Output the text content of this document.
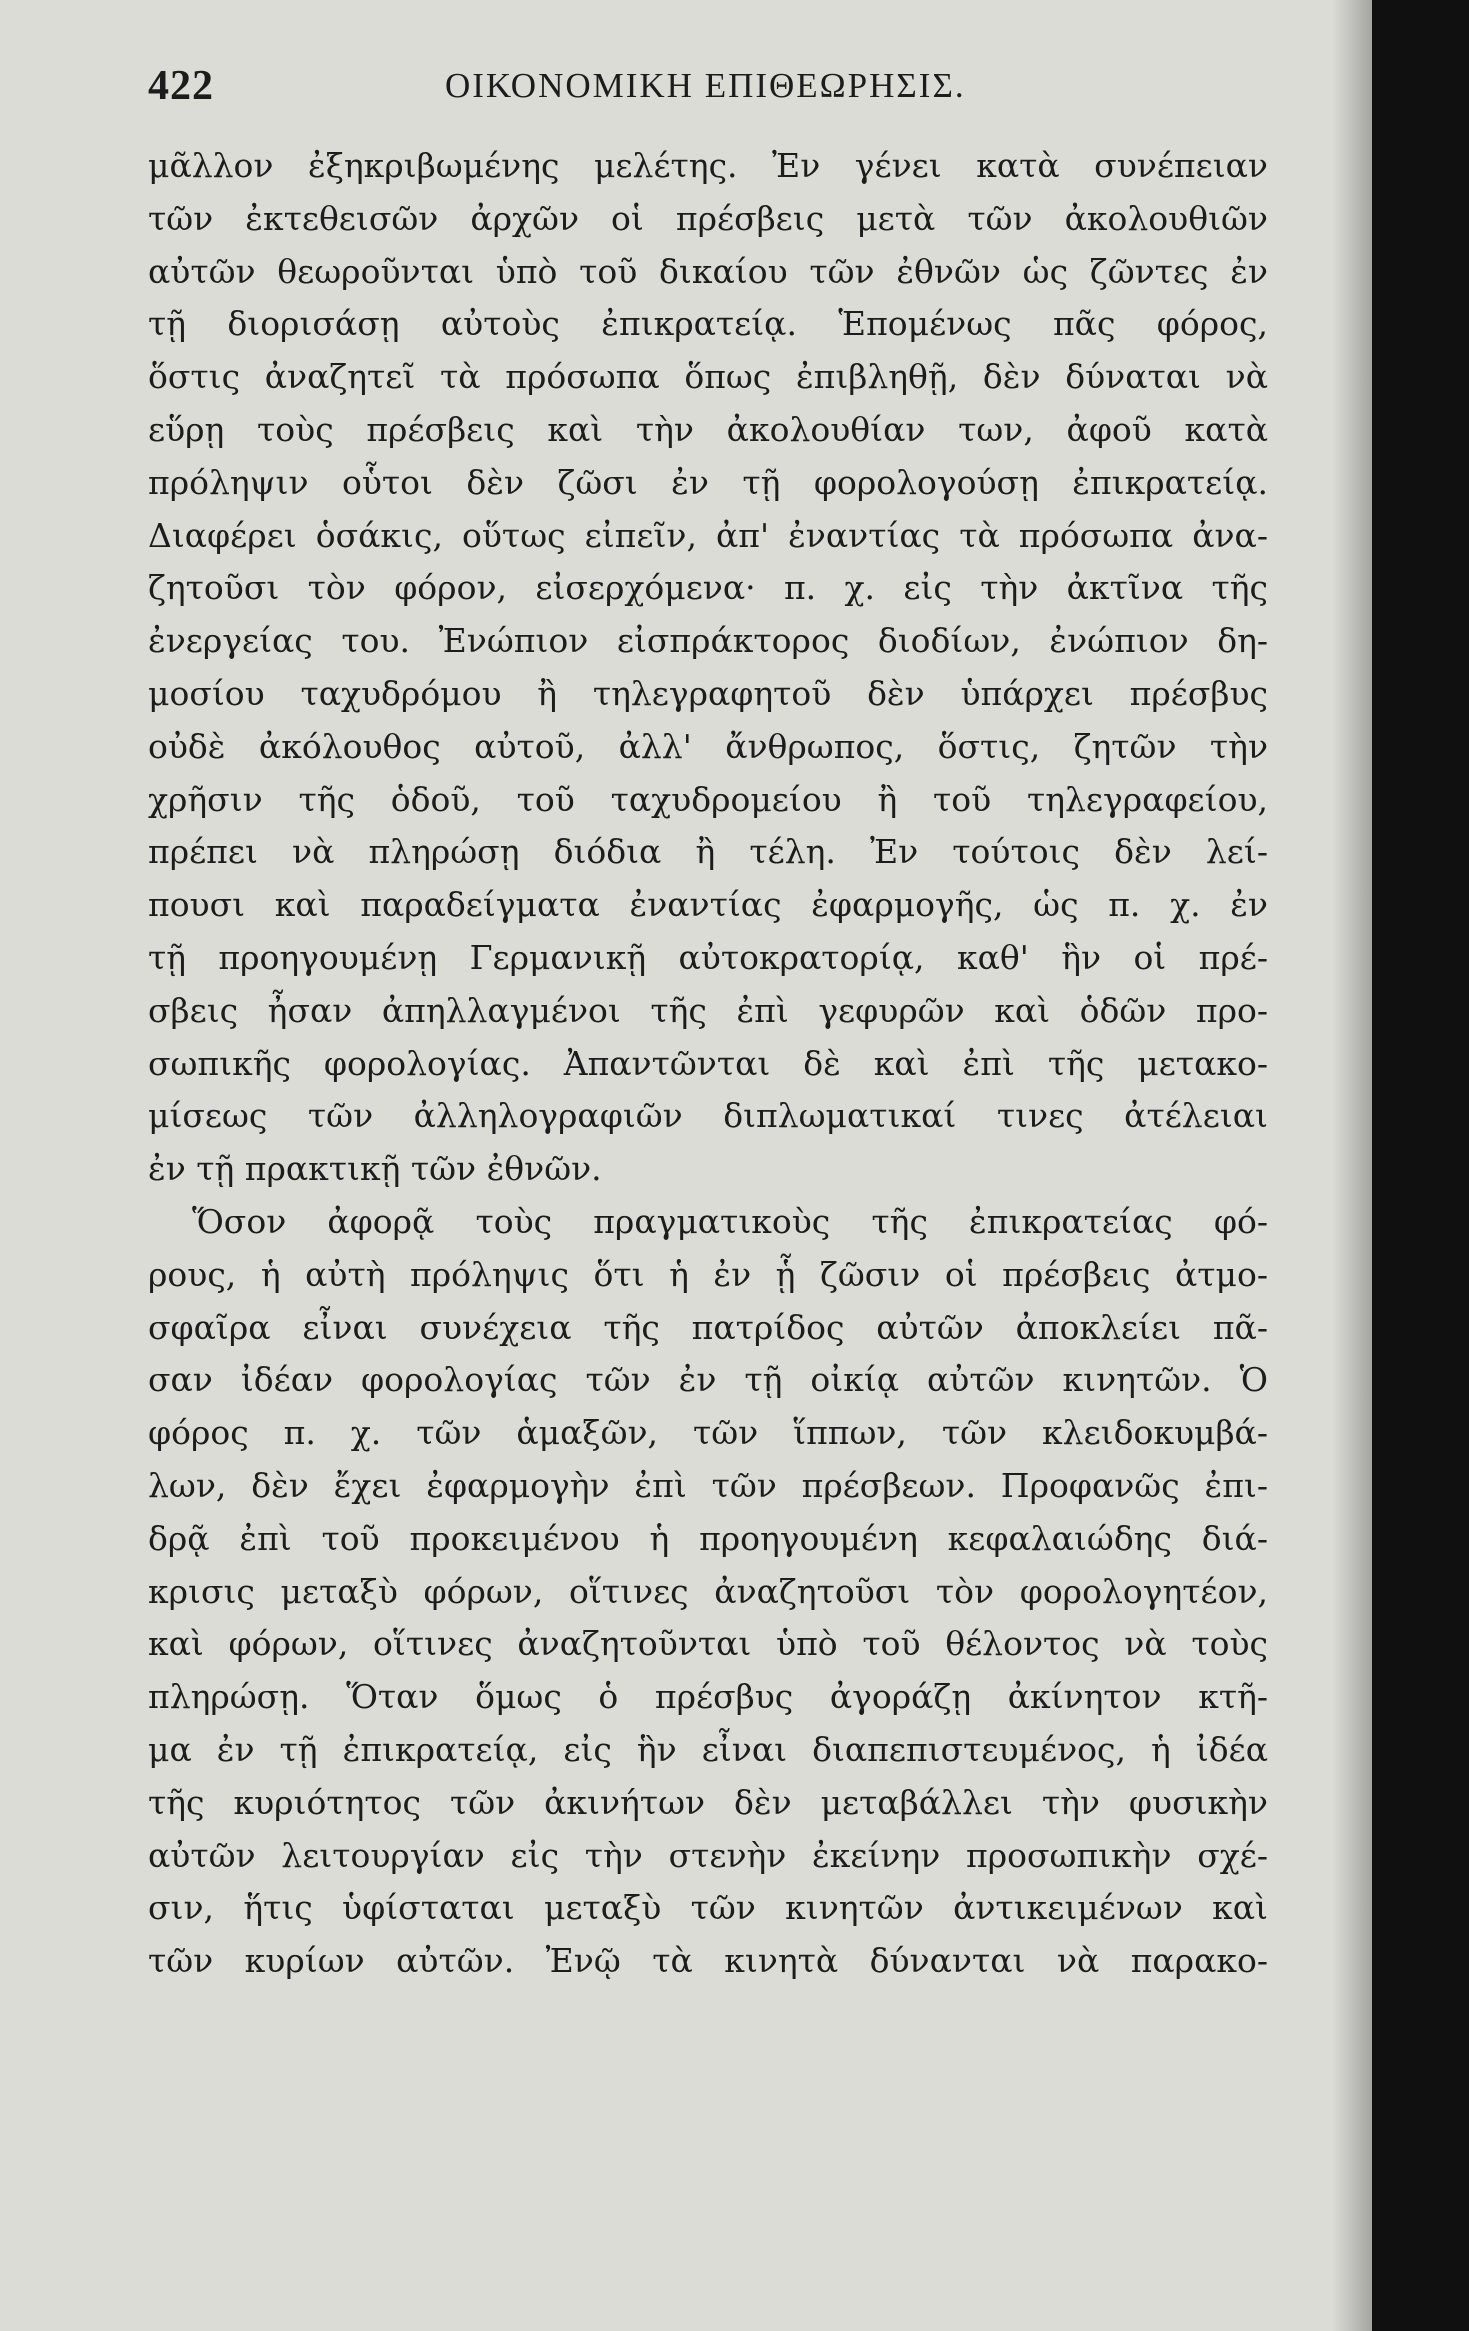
422	ΟΙΚΟΝΟΜΙΚΗ ΕΠΙΘΕΩΡΗΣΙΣ.
μᾶλλον ἐξηκριβωμένης μελέτης. Ἐν γένει κατὰ συνέπειαν
τῶν ἐκτεθεισῶν ἀρχῶν οἱ πρέσβεις μετὰ τῶν ἀκολουθιῶν
αὐτῶν θεωροῦνται ὑπὸ τοῦ δικαίου τῶν ἐθνῶν ὡς ζῶντες ἐν
τῇ διορισάσῃ αὐτοὺς ἐπικρατείᾳ. Ἑπομένως πᾶς φόρος,
ὅστις ἀναζητεῖ τὰ πρόσωπα ὅπως ἐπιβληθῇ, δὲν δύναται νὰ
εὕρῃ τοὺς πρέσβεις καὶ τὴν ἀκολουθίαν των, ἀφοῦ κατὰ
πρόληψιν οὗτοι δὲν ζῶσι ἐν τῇ φορολογούσῃ ἐπικρατείᾳ.
Διαφέρει ὁσάκις, οὕτως εἰπεῖν, ἀπ' ἐναντίας τὰ πρόσωπα ἀνα-
ζητοῦσι τὸν φόρον, εἰσερχόμενα· π. χ. εἰς τὴν ἀκτῖνα τῆς
ἐνεργείας του. Ἐνώπιον εἰσπράκτορος διοδίων, ἐνώπιον δη-
μοσίου ταχυδρόμου ἢ τηλεγραφητοῦ δὲν ὑπάρχει πρέσβυς
οὐδὲ ἀκόλουθος αὐτοῦ, ἀλλ' ἄνθρωπος, ὅστις, ζητῶν τὴν
χρῆσιν τῆς ὁδοῦ, τοῦ ταχυδρομείου ἢ τοῦ τηλεγραφείου,
πρέπει νὰ πληρώσῃ διόδια ἢ τέλη. Ἐν τούτοις δὲν λεί-
πουσι καὶ παραδείγματα ἐναντίας ἐφαρμογῆς, ὡς π. χ. ἐν
τῇ προηγουμένῃ Γερμανικῇ αὐτοκρατορίᾳ, καθ' ἣν οἱ πρέ-
σβεις ἦσαν ἀπηλλαγμένοι τῆς ἐπὶ γεφυρῶν καὶ ὁδῶν προ-
σωπικῆς φορολογίας. Ἀπαντῶνται δὲ καὶ ἐπὶ τῆς μετακο-
μίσεως τῶν ἀλληλογραφιῶν διπλωματικαί τινες ἀτέλειαι
ἐν τῇ πρακτικῇ τῶν ἐθνῶν.
Ὅσον ἀφορᾷ τοὺς πραγματικοὺς τῆς ἐπικρατείας φό-
ρους, ἡ αὐτὴ πρόληψις ὅτι ἡ ἐν ᾗ ζῶσιν οἱ πρέσβεις ἀτμο-
σφαῖρα εἶναι συνέχεια τῆς πατρίδος αὐτῶν ἀποκλείει πᾶ-
σαν ἰδέαν φορολογίας τῶν ἐν τῇ οἰκίᾳ αὐτῶν κινητῶν. Ὁ
φόρος π. χ. τῶν ἁμαξῶν, τῶν ἵππων, τῶν κλειδοκυμβά-
λων, δὲν ἔχει ἐφαρμογὴν ἐπὶ τῶν πρέσβεων. Προφανῶς ἐπι-
δρᾷ ἐπὶ τοῦ προκειμένου ἡ προηγουμένη κεφαλαιώδης διά-
κρισις μεταξὺ φόρων, οἵτινες ἀναζητοῦσι τὸν φορολογητέον,
καὶ φόρων, οἵτινες ἀναζητοῦνται ὑπὸ τοῦ θέλοντος νὰ τοὺς
πληρώσῃ. Ὅταν ὅμως ὁ πρέσβυς ἀγοράζῃ ἀκίνητον κτῆ-
μα ἐν τῇ ἐπικρατείᾳ, εἰς ἣν εἶναι διαπεπιστευμένος, ἡ ἰδέα
τῆς κυριότητος τῶν ἀκινήτων δὲν μεταβάλλει τὴν φυσικὴν
αὐτῶν λειτουργίαν εἰς τὴν στενὴν ἐκείνην προσωπικὴν σχέ-
σιν, ἥτις ὑφίσταται μεταξὺ τῶν κινητῶν ἀντικειμένων καὶ
τῶν κυρίων αὐτῶν. Ἐνῷ τὰ κινητὰ δύνανται νὰ παρακο-
